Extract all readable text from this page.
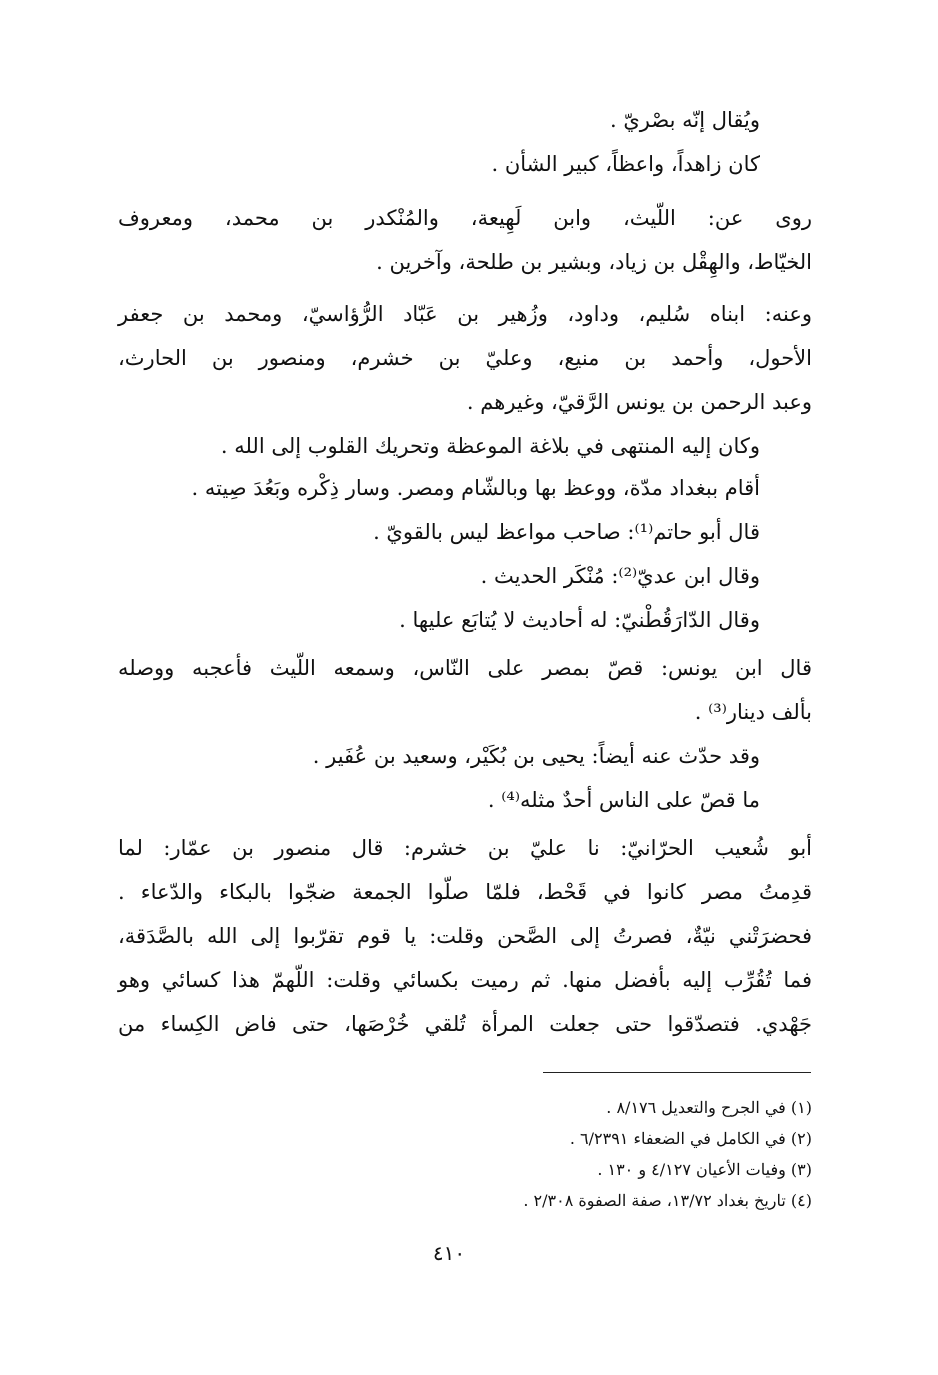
ويُقال إنّه بصْريّ .
كان زاهداً، واعظاً، كبير الشأن .
روى عن: اللّيث، وابن لَهِيعة، والمُنْكدر بن محمد، ومعروف
الخيّاط، والهِقْل بن زياد، وبشير بن طلحة، وآخرين .
وعنه: ابناه سُليم، وداود، وزُهير بن عَبّاد الرُّؤاسيّ، ومحمد بن جعفر
الأحول، وأحمد بن منيع، وعليّ بن خشرم، ومنصور بن الحارث،
وعبد الرحمن بن يونس الرَّقيّ، وغيرهم .
وكان إليه المنتهى في بلاغة الموعظة وتحريك القلوب إلى الله .
أقام ببغداد مدّة، ووعظ بها وبالشّام ومصر. وسار ذِكْره وبَعُدَ صِيته .
قال أبو حاتم⁽¹⁾: صاحب مواعظ ليس بالقويّ .
وقال ابن عديّ⁽²⁾: مُنْكَر الحديث .
وقال الدّارَقُطْنيّ: له أحاديث لا يُتابَع عليها .
قال ابن يونس: قصّ بمصر على النّاس، وسمعه اللّيث فأعجبه ووصله
بألف دينار⁽³⁾ .
وقد حدّث عنه أيضاً: يحيى بن بُكَيْر، وسعيد بن عُفَير .
ما قصّ على الناس أحدٌ مثله⁽⁴⁾ .
أبو شُعيب الحرّانيّ: نا عليّ بن خشرم: قال منصور بن عمّار: لما
قدِمتُ مصر كانوا في قَحْط، فلمّا صلّوا الجمعة ضجّوا بالبكاء والدّعاء .
فحضرَتْني نيّةٌ، فصرتُ إلى الصَّحن وقلت: يا قوم تقرّبوا إلى الله بالصَّدَقة،
فما تُقُرِّب إليه بأفضل منها. ثم رميت بكسائي وقلت: اللّهمّ هذا كسائي وهو
جَهْدي. فتصدّقوا حتى جعلت المرأة تُلقي خُرْصَها، حتى فاض الكِساء من
(١) في الجرح والتعديل ٨/١٧٦ .
(٢) في الكامل في الضعفاء ٦/٢٣٩١ .
(٣) وفيات الأعيان ٤/١٢٧ و ١٣٠ .
(٤) تاريخ بغداد ١٣/٧٢، صفة الصفوة ٢/٣٠٨ .
٤١٠
